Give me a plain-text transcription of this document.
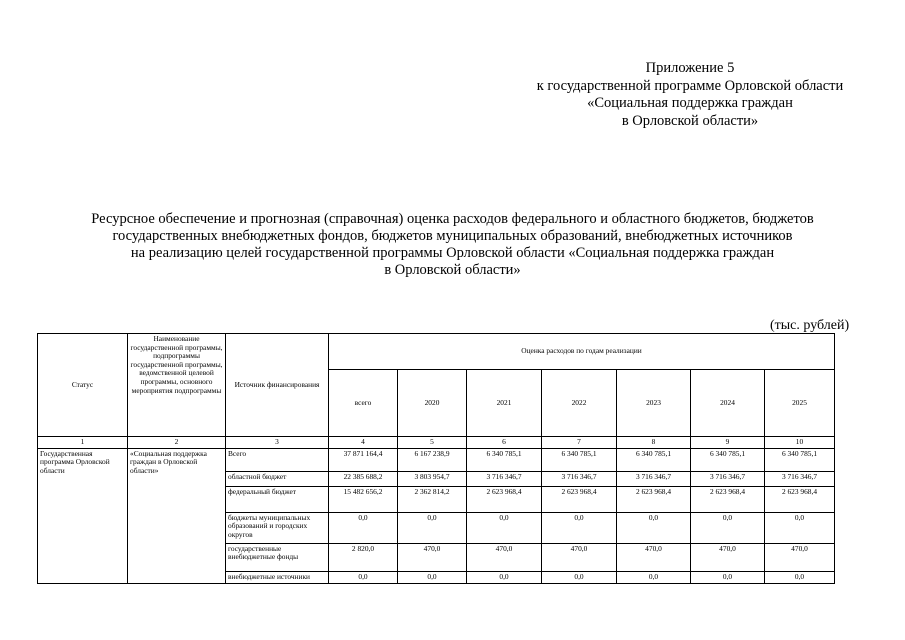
Приложение 5
к государственной программе Орловской области
«Социальная поддержка граждан
в Орловской области»
Ресурсное обеспечение и прогнозная (справочная) оценка расходов федерального и областного бюджетов, бюджетов
государственных внебюджетных фондов, бюджетов муниципальных образований, внебюджетных источников
на реализацию целей государственной программы Орловской области «Социальная поддержка граждан
в Орловской области»
(тыс. рублей)
Статус	Наименование государственной программы, подпрограммы государственной программы, ведомственной целевой программы, основного мероприятия подпрограммы	Источник финансирования	Оценка расходов по годам реализации						
			всего	2020	2021	2022	2023	2024	2025
1	2	3	4	5	6	7	8	9	10
Государственная программа Орловской области	«Социальная поддержка граждан в Орловской области»	Всего	37 871 164,4	6 167 238,9	6 340 785,1	6 340 785,1	6 340 785,1	6 340 785,1	6 340 785,1
		областной бюджет	22 385 688,2	3 803 954,7	3 716 346,7	3 716 346,7	3 716 346,7	3 716 346,7	3 716 346,7
		федеральный бюджет	15 482 656,2	2 362 814,2	2 623 968,4	2 623 968,4	2 623 968,4	2 623 968,4	2 623 968,4
		бюджеты муниципальных образований и городских округов	0,0	0,0	0,0	0,0	0,0	0,0	0,0
		государственные внебюджетные фонды	2 820,0	470,0	470,0	470,0	470,0	470,0	470,0
		внебюджетные источники	0,0	0,0	0,0	0,0	0,0	0,0	0,0
